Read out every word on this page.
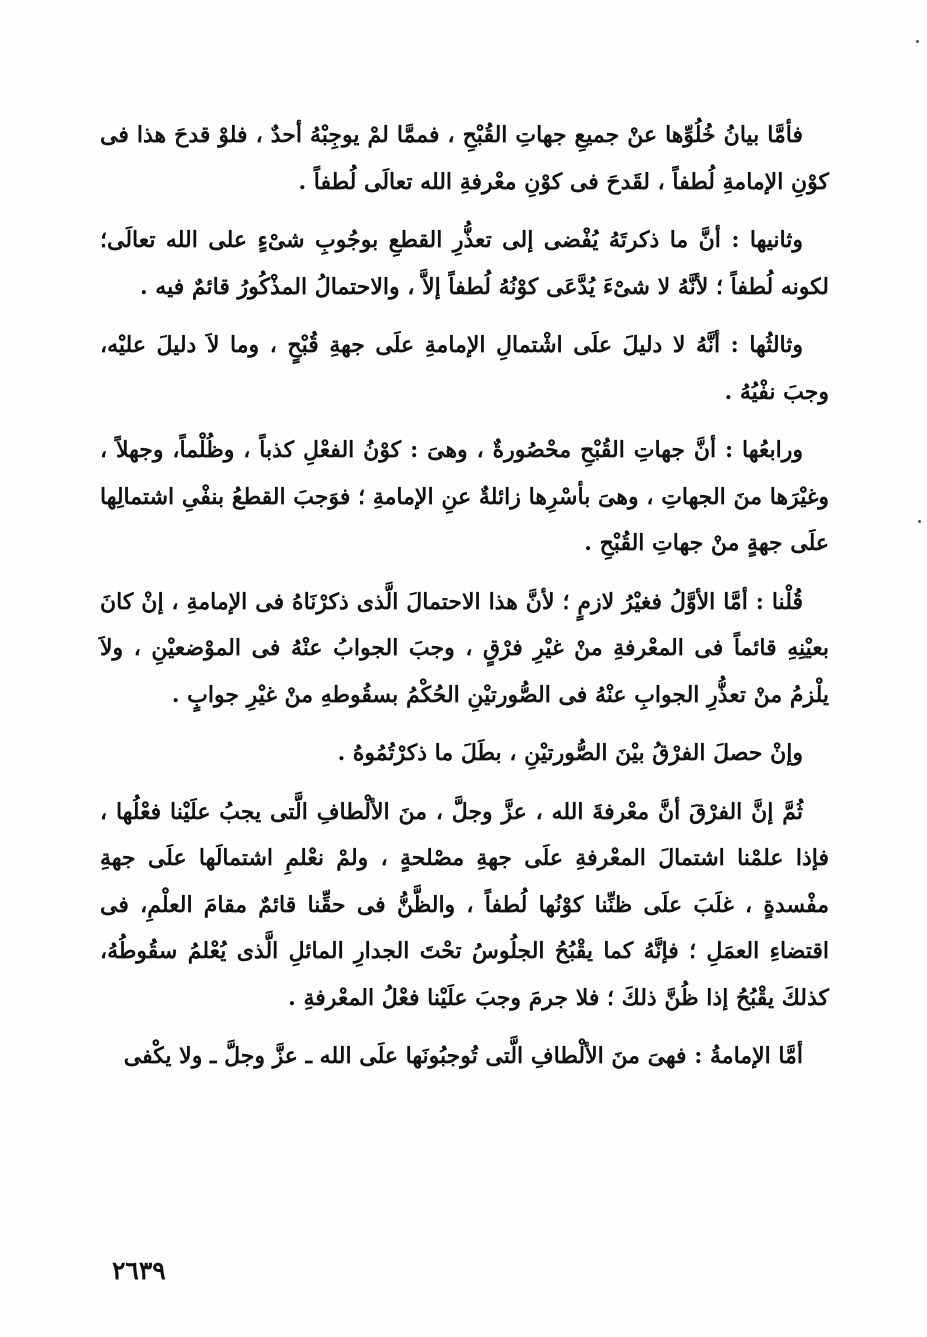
فأمَّا بيانُ خُلُوِّها عنْ جميعِ جهاتِ القُبْحِ ، فممَّا لمْ يوجِبْهُ أحدٌ ، فلوْ قدحَ هذا فى كوْنِ الإمامةِ لُطفاً ، لقَدحَ فى كوْنِ معْرفةِ الله تعالَى لُطفاً .

وثانيها : أنَّ ما ذكرتَهُ يُفْضى إلى تعذُّرِ القطعِ بوجُوبِ شىْءٍ على الله تعالَى؛ لكونه لُطفاً ؛ لأنَّهُ لا شىْءَ يُدَّعَى كوْنُهُ لُطفاً إلاَّ ، والاحتمالُ المذْكُورُ قائمٌ فيه .

وثالثُها : أنَّهُ لا دليلَ علَى اشْتمالِ الإمامةِ علَى جهةِ قُبْحٍ ، وما لاَ دليلَ عليْه، وجبَ نفْيُهُ .

ورابعُها : أنَّ جهاتِ القُبْحِ محْصُورةٌ ، وهىَ : كوْنُ الفعْلِ كذباً ، وظُلْماً، وجهلاً ، وغيْرَها منَ الجهاتِ ، وهىَ بأسْرِها زائلةٌ عنِ الإمامةِ ؛ فوَجبَ القطعُ بنفْىِ اشتمالِها علَى جهةٍ منْ جهاتِ القُبْحِ .

قُلْنا : أمَّا الأوَّلُ فغيْرُ لازمٍ ؛ لأنَّ هذا الاحتمالَ الَّذى ذكرْنَاهُ فى الإمامةِ ، إنْ كانَ بعيْنِهِ قائماً فى المعْرفةِ منْ غيْرِ فرْقٍ ، وجبَ الجوابُ عنْهُ فى الموْضعيْنِ ، ولاَ يلْزمُ منْ تعذُّرِ الجوابِ عنْهُ فى الصُّورتيْنِ الحُكْمُ بسقُوطهِ منْ غيْرِ جوابٍ .

وإنْ حصلَ الفرْقُ بيْنَ الصُّورتيْنِ ، بطَلَ ما ذكرْتُمُوهُ .

ثُمَّ إنَّ الفرْقَ أنَّ معْرفةَ الله ، عزَّ وجلَّ ، منَ الألْطافِ الَّتى يجبُ علَيْنا فعْلُها ، فإذا علمْنا اشتمالَ المعْرفةِ علَى جهةِ مصْلحةٍ ، ولمْ نعْلمِ اشتمالَها علَى جهةِ مفْسدةٍ ، غلَبَ علَى ظنِّنا كوْنُها لُطفاً ، والظَّنُّ فى حقِّنا قائمٌ مقامَ العلْمِ، فى اقتضاءِ العمَلِ ؛ فإنَّهُ كما يقْبُحُ الجلُوسُ تحْتَ الجدارِ المائلِ الَّذى يُعْلمُ سقُوطُهُ، كذلكَ يقْبُحُ إذا ظُنَّ ذلكَ ؛ فلا جرمَ وجبَ علَيْنا فعْلُ المعْرفةِ .

أمَّا الإمامةُ : فهىَ منَ الألْطافِ الَّتى تُوجبُونَها علَى الله ـ عزَّ وجلَّ ـ ولا يكْفى

٢٦٣٩
